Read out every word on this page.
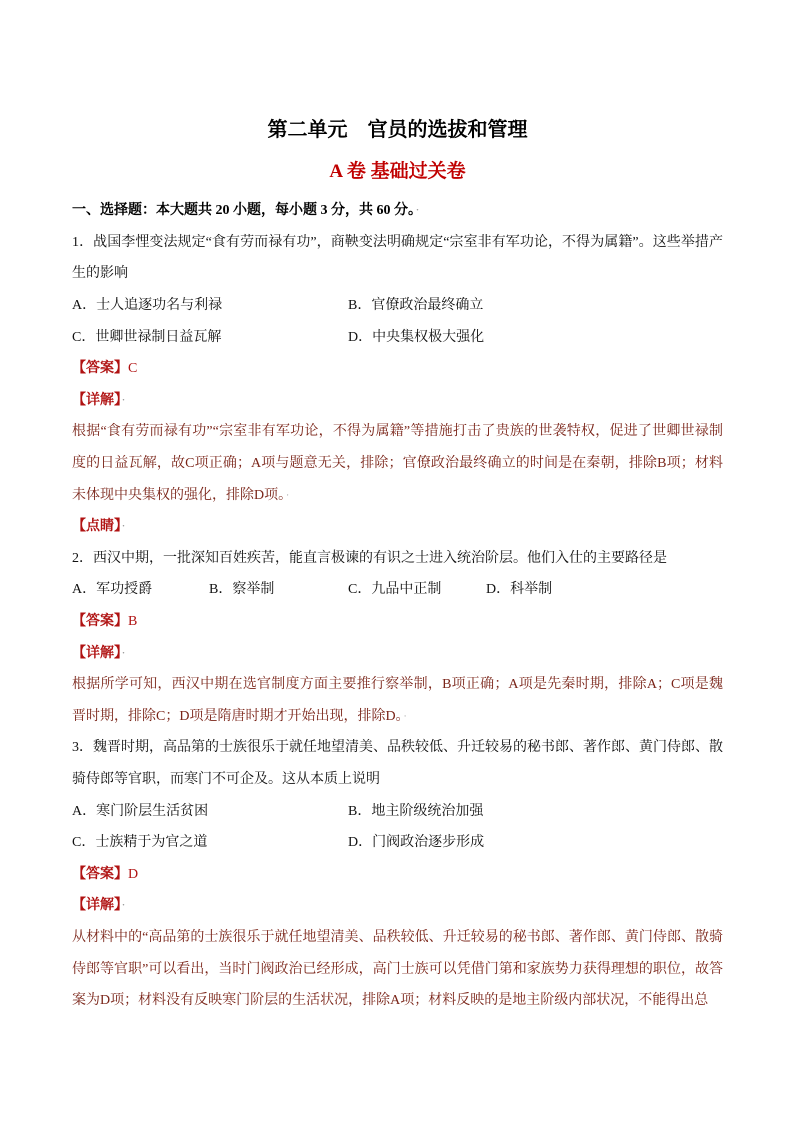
第二单元　官员的选拔和管理
A 卷 基础过关卷

一、选择题：本大题共 20 小题，每小题 3 分，共 60 分。 ·

1．战国李悝变法规定“食有劳而禄有功”，商鞅变法明确规定“宗室非有军功论，不得为属籍”。这些举措产生的影响

A．士人追逐功名与利禄	B．官僚政治最终确立
C．世卿世禄制日益瓦解	D．中央集权极大强化

【答案】C

【详解】 ·

根据“食有劳而禄有功”“宗室非有军功论，不得为属籍”等措施打击了贵族的世袭特权，促进了世卿世禄制度的日益瓦解，故C项正确；A项与题意无关，排除；官僚政治最终确立的时间是在秦朝，排除B项；材料未体现中央集权的强化，排除D项。 ·

【点睛】 ·

2．西汉中期，一批深知百姓疾苦，能直言极谏的有识之士进入统治阶层。他们入仕的主要路径是

A．军功授爵	B．察举制	C．九品中正制	D．科举制

【答案】B

【详解】 ·

根据所学可知，西汉中期在选官制度方面主要推行察举制，B项正确；A项是先秦时期，排除A；C项是魏晋时期，排除C；D项是隋唐时期才开始出现，排除D。 ·

3．魏晋时期，高品第的士族很乐于就任地望清美、品秩较低、升迁较易的秘书郎、著作郎、黄门侍郎、散骑侍郎等官职，而寒门不可企及。这从本质上说明

A．寒门阶层生活贫困	B．地主阶级统治加强
C．士族精于为官之道	D．门阀政治逐步形成

【答案】D

【详解】 ·

从材料中的“高品第的士族很乐于就任地望清美、品秩较低、升迁较易的秘书郎、著作郎、黄门侍郎、散骑侍郎等官职”可以看出，当时门阀政治已经形成，高门士族可以凭借门第和家族势力获得理想的职位，故答案为D项；材料没有反映寒门阶层的生活状况，排除A项；材料反映的是地主阶级内部状况，不能得出总
